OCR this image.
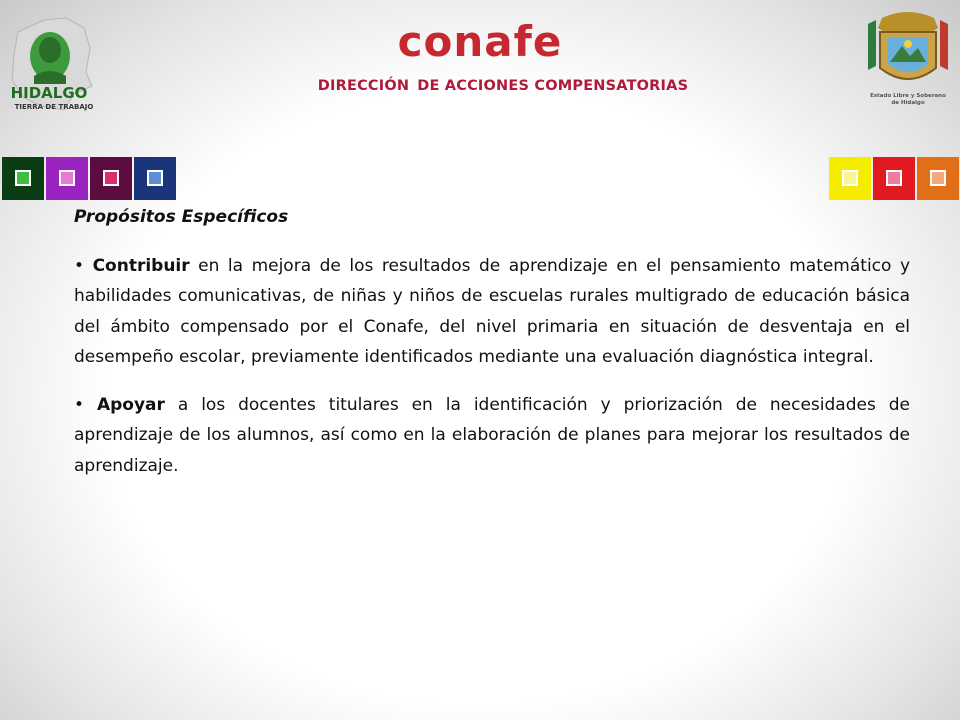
HIDALGO
TIERRA DE TRABAJO
conafe
DIRECCIÓN DE ACCIONES COMPENSATORIAS
Estado Libre y Soberano
de Hidalgo

Propósitos Específicos

• Contribuir en la mejora de los resultados de aprendizaje en el pensamiento matemático y habilidades comunicativas, de niñas y niños de escuelas rurales multigrado de educación básica del ámbito compensado por el Conafe, del nivel primaria en situación de desventaja en el desempeño escolar, previamente identificados mediante una evaluación diagnóstica integral.

• Apoyar a los docentes titulares en la identificación y priorización de necesidades de aprendizaje de los alumnos, así como en la elaboración de planes para mejorar los resultados de aprendizaje.
